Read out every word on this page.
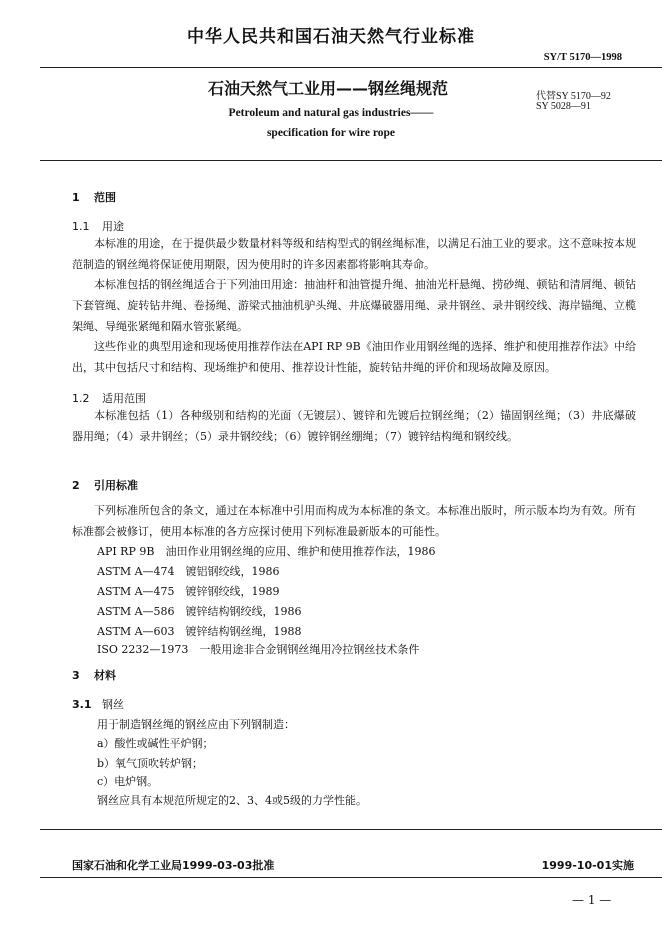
中华人民共和国石油天然气行业标准
SY/T 5170—1998
石油天然气工业用——钢丝绳规范	代替SY 5170—92
SY 5028—91
Petroleum and natural gas industries——
specification for wire rope
1 范围
1.1 用途
本标准的用途，在于提供最少数量材料等级和结构型式的钢丝绳标准，以满足石油工业的要求。这不意味按本规范制造的钢丝绳将保证使用期限，因为使用时的许多因素都将影响其寿命。
本标准包括的钢丝绳适合于下列油田用途：抽油杆和油管提升绳、抽油光杆悬绳、捞砂绳、顿钻和清屑绳、顿钻下套管绳、旋转钻井绳、卷扬绳、游梁式抽油机驴头绳、井底爆破器用绳、录井钢丝、录井钢绞线、海岸锚绳、立榄架绳、导绳张紧绳和隔水管张紧绳。
这些作业的典型用途和现场使用推荐作法在API RP 9B《油田作业用钢丝绳的选择、维护和使用推荐作法》中给出，其中包括尺寸和结构、现场维护和使用、推荐设计性能，旋转钻井绳的评价和现场故障及原因。
1.2 适用范围
本标准包括（1）各种级别和结构的光面（无镀层）、镀锌和先镀后拉钢丝绳；（2）锚固钢丝绳；（3）井底爆破器用绳；（4）录井钢丝；（5）录井钢绞线；（6）镀锌钢丝绷绳；（7）镀锌结构绳和钢绞线。
2 引用标准
下列标准所包含的条文，通过在本标准中引用而构成为本标准的条文。本标准出版时，所示版本均为有效。所有标准都会被修订，使用本标准的各方应探讨使用下列标准最新版本的可能性。
API RP 9B　油田作业用钢丝绳的应用、维护和使用推荐作法，1986
ASTM A—474　镀铝钢绞线，1986
ASTM A—475　镀锌钢绞线，1989
ASTM A—586　镀锌结构钢绞线，1986
ASTM A—603　镀锌结构钢丝绳，1988
ISO 2232—1973　一般用途非合金钢钢丝绳用冷拉钢丝技术条件
3 材料
3.1 钢丝
用于制造钢丝绳的钢丝应由下列钢制造：
a）酸性或碱性平炉钢；
b）氧气顶吹转炉钢；
c）电炉钢。
钢丝应具有本规范所规定的2、3、4或5级的力学性能。
国家石油和化学工业局1999-03-03批准	1999-10-01实施
— 1 —
